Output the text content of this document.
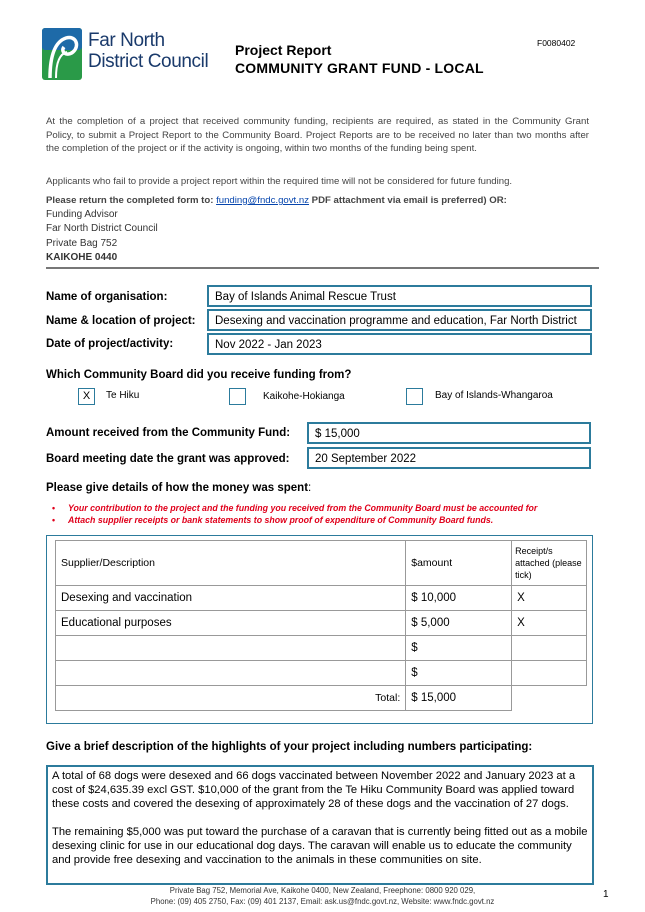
Far North
District Council
F0080402
Project Report
COMMUNITY GRANT FUND - LOCAL
At the completion of a project that received community funding, recipients are required, as stated in the Community Grant Policy, to submit a Project Report to the Community Board. Project Reports are to be received no later than two months after the completion of the project or if the activity is ongoing, within two months of the funding being spent.
Applicants who fail to provide a project report within the required time will not be considered for future funding.
Please return the completed form to: funding@fndc.govt.nz PDF attachment via email is preferred) OR:
Funding Advisor
Far North District Council
Private Bag 752
KAIKOHE 0440
Name of organisation:	Bay of Islands Animal Rescue Trust
Name & location of project:	Desexing and vaccination programme and education, Far North District
Date of project/activity:	Nov 2022 - Jan 2023
Which Community Board did you receive funding from?
X	Te Hiku	Kaikohe-Hokianga	Bay of Islands-Whangaroa
Amount received from the Community Fund:	$ 15,000
Board meeting date the grant was approved:	20 September 2022
Please give details of how the money was spent:
• Your contribution to the project and the funding you received from the Community Board must be accounted for
• Attach supplier receipts or bank statements to show proof of expenditure of Community Board funds.
Supplier/Description	$amount	Receipt/s attached (please tick)
Desexing and vaccination	$ 10,000	X
Educational purposes	$ 5,000	X
	$	
	$	
Total:	$ 15,000	
Give a brief description of the highlights of your project including numbers participating:

A total of 68 dogs were desexed and 66 dogs vaccinated between November 2022 and January 2023 at a cost of $24,635.39 excl GST. $10,000 of the grant from the Te Hiku Community Board was applied toward these costs and covered the desexing of approximately 28 of these dogs and the vaccination of 27 dogs.

The remaining $5,000 was put toward the purchase of a caravan that is currently being fitted out as a mobile desexing clinic for use in our educational dog days. The caravan will enable us to educate the community and provide free desexing and vaccination to the animals in these communities on site.

Private Bag 752, Memorial Ave, Kaikohe 0400, New Zealand, Freephone: 0800 920 029,
Phone: (09) 405 2750, Fax: (09) 401 2137, Email: ask.us@fndc.govt.nz, Website: www.fndc.govt.nz
1
